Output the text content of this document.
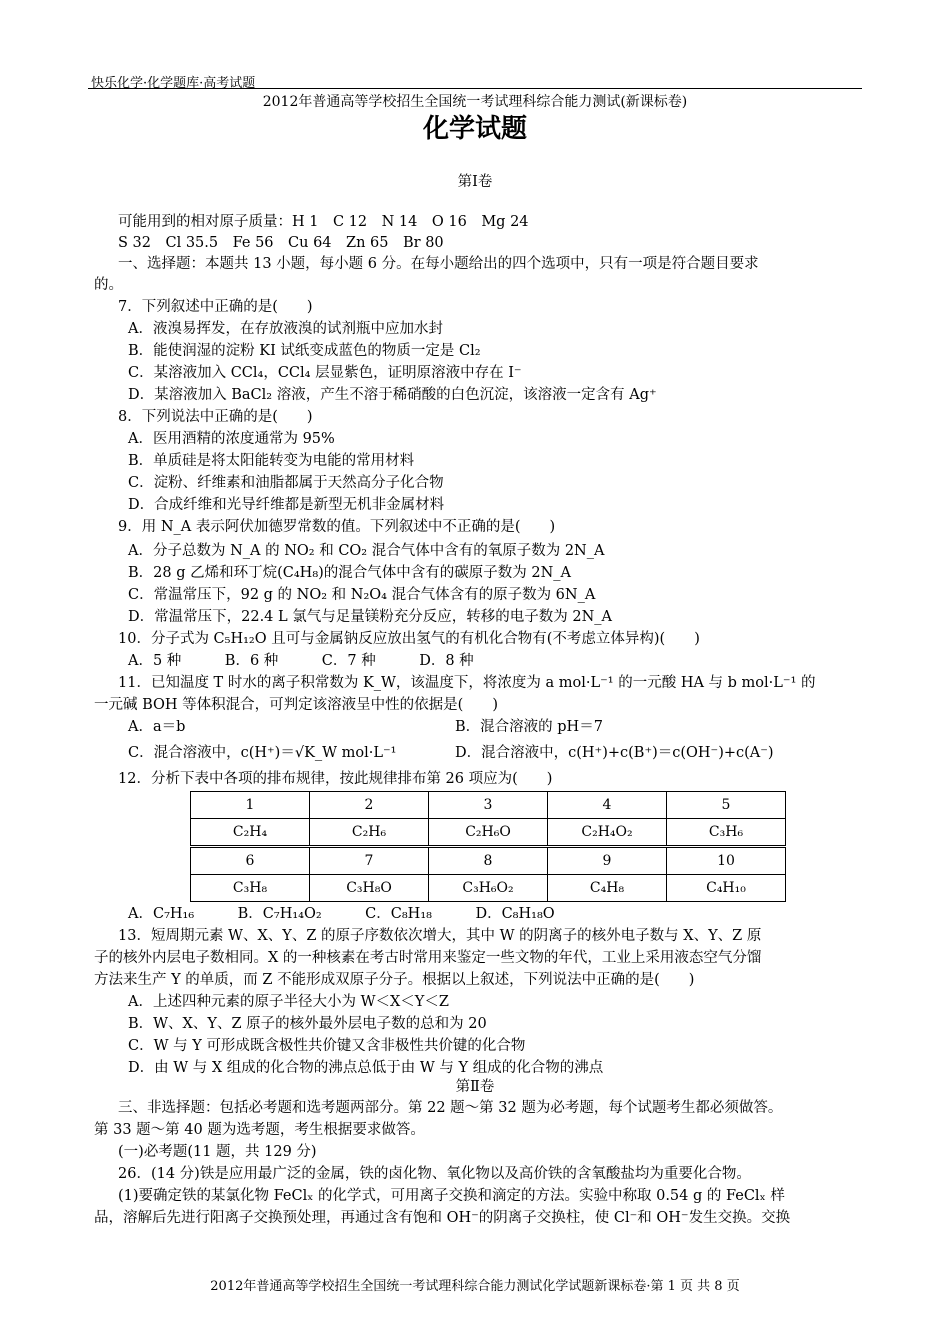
快乐化学·化学题库·高考试题
2012年普通高等学校招生全国统一考试理科综合能力测试(新课标卷)
化学试题
第Ⅰ卷
可能用到的相对原子质量：H 1　C 12　N 14　O 16　Mg 24
S 32　Cl 35.5　Fe 56　Cu 64　Zn 65　Br 80
一、选择题：本题共 13 小题，每小题 6 分。在每小题给出的四个选项中，只有一项是符合题目要求
的。
7．下列叙述中正确的是(　　)
A．液溴易挥发，在存放液溴的试剂瓶中应加水封
B．能使润湿的淀粉 KI 试纸变成蓝色的物质一定是 Cl₂
C．某溶液加入 CCl₄，CCl₄ 层显紫色，证明原溶液中存在 I⁻
D．某溶液加入 BaCl₂ 溶液，产生不溶于稀硝酸的白色沉淀，该溶液一定含有 Ag⁺
8．下列说法中正确的是(　　)
A．医用酒精的浓度通常为 95%
B．单质硅是将太阳能转变为电能的常用材料
C．淀粉、纤维素和油脂都属于天然高分子化合物
D．合成纤维和光导纤维都是新型无机非金属材料
9．用 N_A 表示阿伏加德罗常数的值。下列叙述中不正确的是(　　)
A．分子总数为 N_A 的 NO₂ 和 CO₂ 混合气体中含有的氧原子数为 2N_A
B．28 g 乙烯和环丁烷(C₄H₈)的混合气体中含有的碳原子数为 2N_A
C．常温常压下，92 g 的 NO₂ 和 N₂O₄ 混合气体含有的原子数为 6N_A
D．常温常压下，22.4 L 氯气与足量镁粉充分反应，转移的电子数为 2N_A
10．分子式为 C₅H₁₂O 且可与金属钠反应放出氢气的有机化合物有(不考虑立体异构)(　　)
A．5 种　　　B．6 种　　　C．7 种　　　D．8 种
11．已知温度 T 时水的离子积常数为 K_W，该温度下，将浓度为 a mol·L⁻¹ 的一元酸 HA 与 b mol·L⁻¹ 的
一元碱 BOH 等体积混合，可判定该溶液呈中性的依据是(　　)
A．a＝b	B．混合溶液的 pH＝7
C．混合溶液中，c(H⁺)＝√K_W mol·L⁻¹	D．混合溶液中，c(H⁺)+c(B⁺)＝c(OH⁻)+c(A⁻)
12．分析下表中各项的排布规律，按此规律排布第 26 项应为(　　)
1	2	3	4	5
C₂H₄	C₂H₆	C₂H₆O	C₂H₄O₂	C₃H₆
6	7	8	9	10
C₃H₈	C₃H₈O	C₃H₆O₂	C₄H₈	C₄H₁₀
A．C₇H₁₆　　　B．C₇H₁₄O₂　　　C．C₈H₁₈　　　D．C₈H₁₈O
13．短周期元素 W、X、Y、Z 的原子序数依次增大，其中 W 的阴离子的核外电子数与 X、Y、Z 原
子的核外内层电子数相同。X 的一种核素在考古时常用来鉴定一些文物的年代，工业上采用液态空气分馏
方法来生产 Y 的单质，而 Z 不能形成双原子分子。根据以上叙述，下列说法中正确的是(　　)
A．上述四种元素的原子半径大小为 W＜X＜Y＜Z
B．W、X、Y、Z 原子的核外最外层电子数的总和为 20
C．W 与 Y 可形成既含极性共价键又含非极性共价键的化合物
D．由 W 与 X 组成的化合物的沸点总低于由 W 与 Y 组成的化合物的沸点
第Ⅱ卷
三、非选择题：包括必考题和选考题两部分。第 22 题～第 32 题为必考题，每个试题考生都必须做答。
第 33 题～第 40 题为选考题，考生根据要求做答。
(一)必考题(11 题，共 129 分)
26．(14 分)铁是应用最广泛的金属，铁的卤化物、氧化物以及高价铁的含氧酸盐均为重要化合物。
(1)要确定铁的某氯化物 FeClₓ 的化学式，可用离子交换和滴定的方法。实验中称取 0.54 g 的 FeClₓ 样
品，溶解后先进行阳离子交换预处理，再通过含有饱和 OH⁻的阴离子交换柱，使 Cl⁻和 OH⁻发生交换。交换
2012年普通高等学校招生全国统一考试理科综合能力测试化学试题新课标卷·第 1 页 共 8 页
